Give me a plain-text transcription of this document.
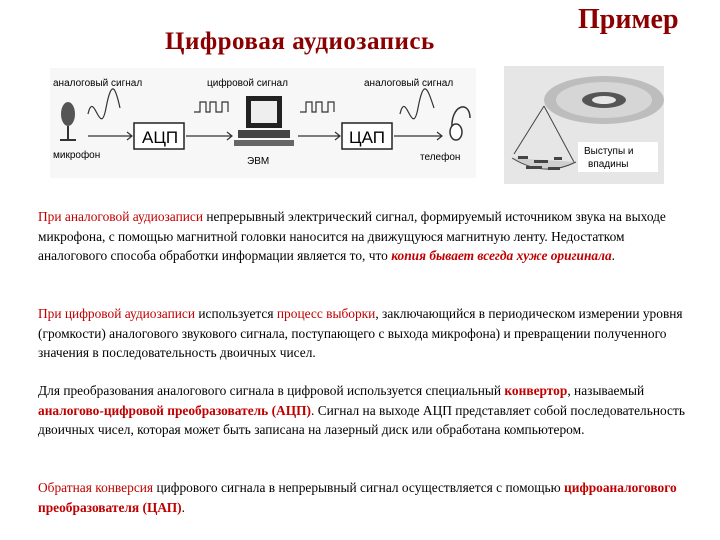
Цифровая аудиозапись
Пример
аналоговый сигнал	цифровой сигнал	аналоговый сигнал
микрофон
АЦП
ЭВМ
ЦАП
телефон
Выступы и
впадины

При аналоговой аудиозаписи непрерывный электрический сигнал, формируемый источником звука на выходе микрофона, с помощью магнитной головки наносится на движущуюся магнитную ленту. Недостатком аналогового способа обработки информации является то, что копия бывает всегда хуже оригинала.

При цифровой аудиозаписи используется процесс выборки, заключающийся в периодическом измерении уровня (громкости) аналогового звукового сигнала, поступающего с выхода микрофона) и превращении полученного значения в последовательность двоичных чисел.

Для преобразования аналогового сигнала в цифровой используется специальный конвертор, называемый аналогово-цифровой преобразователь (АЦП). Сигнал на выходе АЦП представляет собой последовательность двоичных чисел, которая может быть записана на лазерный диск или обработана компьютером.

Обратная конверсия цифрового сигнала в непрерывный сигнал осуществляется с помощью цифроаналогового преобразователя (ЦАП).
